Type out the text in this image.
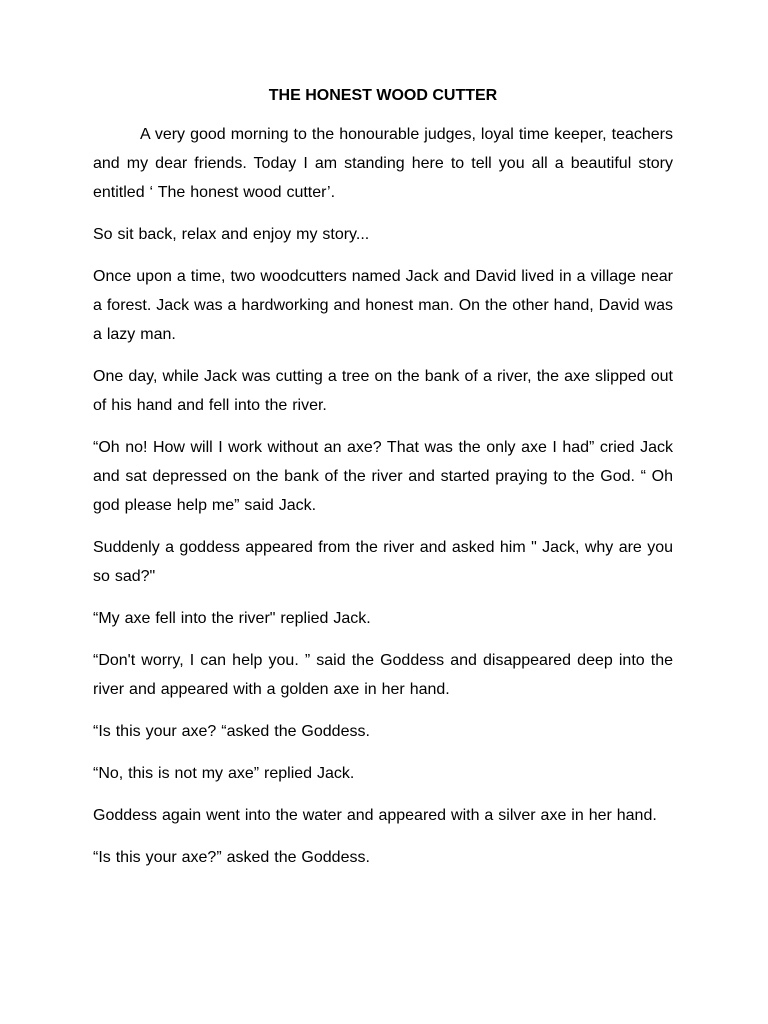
THE HONEST WOOD CUTTER

A very good morning to the honourable judges, loyal time keeper, teachers and my dear friends. Today I am standing here to tell you all a beautiful story entitled ‘ The honest wood cutter’.

So sit back, relax and enjoy my story...

Once upon a time, two woodcutters named Jack and David lived in a village near a forest. Jack was a hardworking and honest man. On the other hand, David was a lazy man.

One day, while Jack was cutting a tree on the bank of a river, the axe slipped out of his hand and fell into the river.

“Oh no! How will I work without an axe? That was the only axe I had” cried Jack and sat depressed on the bank of the river and started praying to the God. “ Oh god please help me” said Jack.

Suddenly a goddess appeared from the river and asked him " Jack, why are you so sad?"

“My axe fell into the river" replied Jack.

“Don't worry, I can help you. ” said the Goddess and disappeared deep into the river and appeared with a golden axe in her hand.

“Is this your axe? “asked the Goddess.

“No, this is not my axe” replied Jack.

Goddess again went into the water and appeared with a silver axe in her hand.

“Is this your axe?” asked the Goddess.
